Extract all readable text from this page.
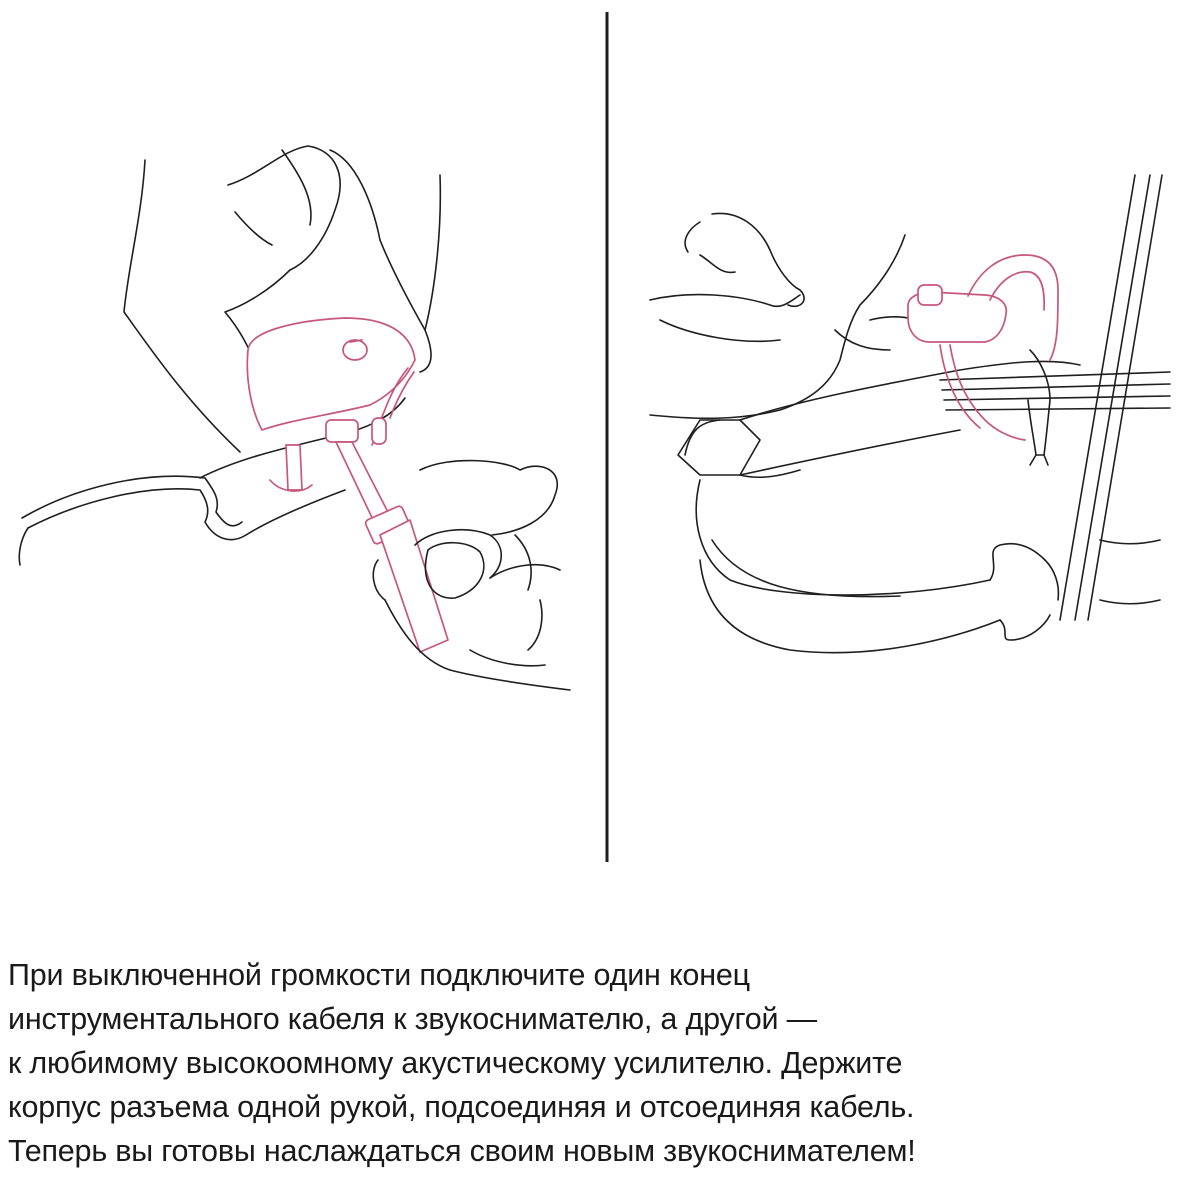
При выключенной громкости подключите один конец
инструментального кабеля к звукоснимателю, а другой —
к любимому высокоомному акустическому усилителю. Держите
корпус разъема одной рукой, подсоединяя и отсоединяя кабель.
Теперь вы готовы наслаждаться своим новым звукоснимателем!
